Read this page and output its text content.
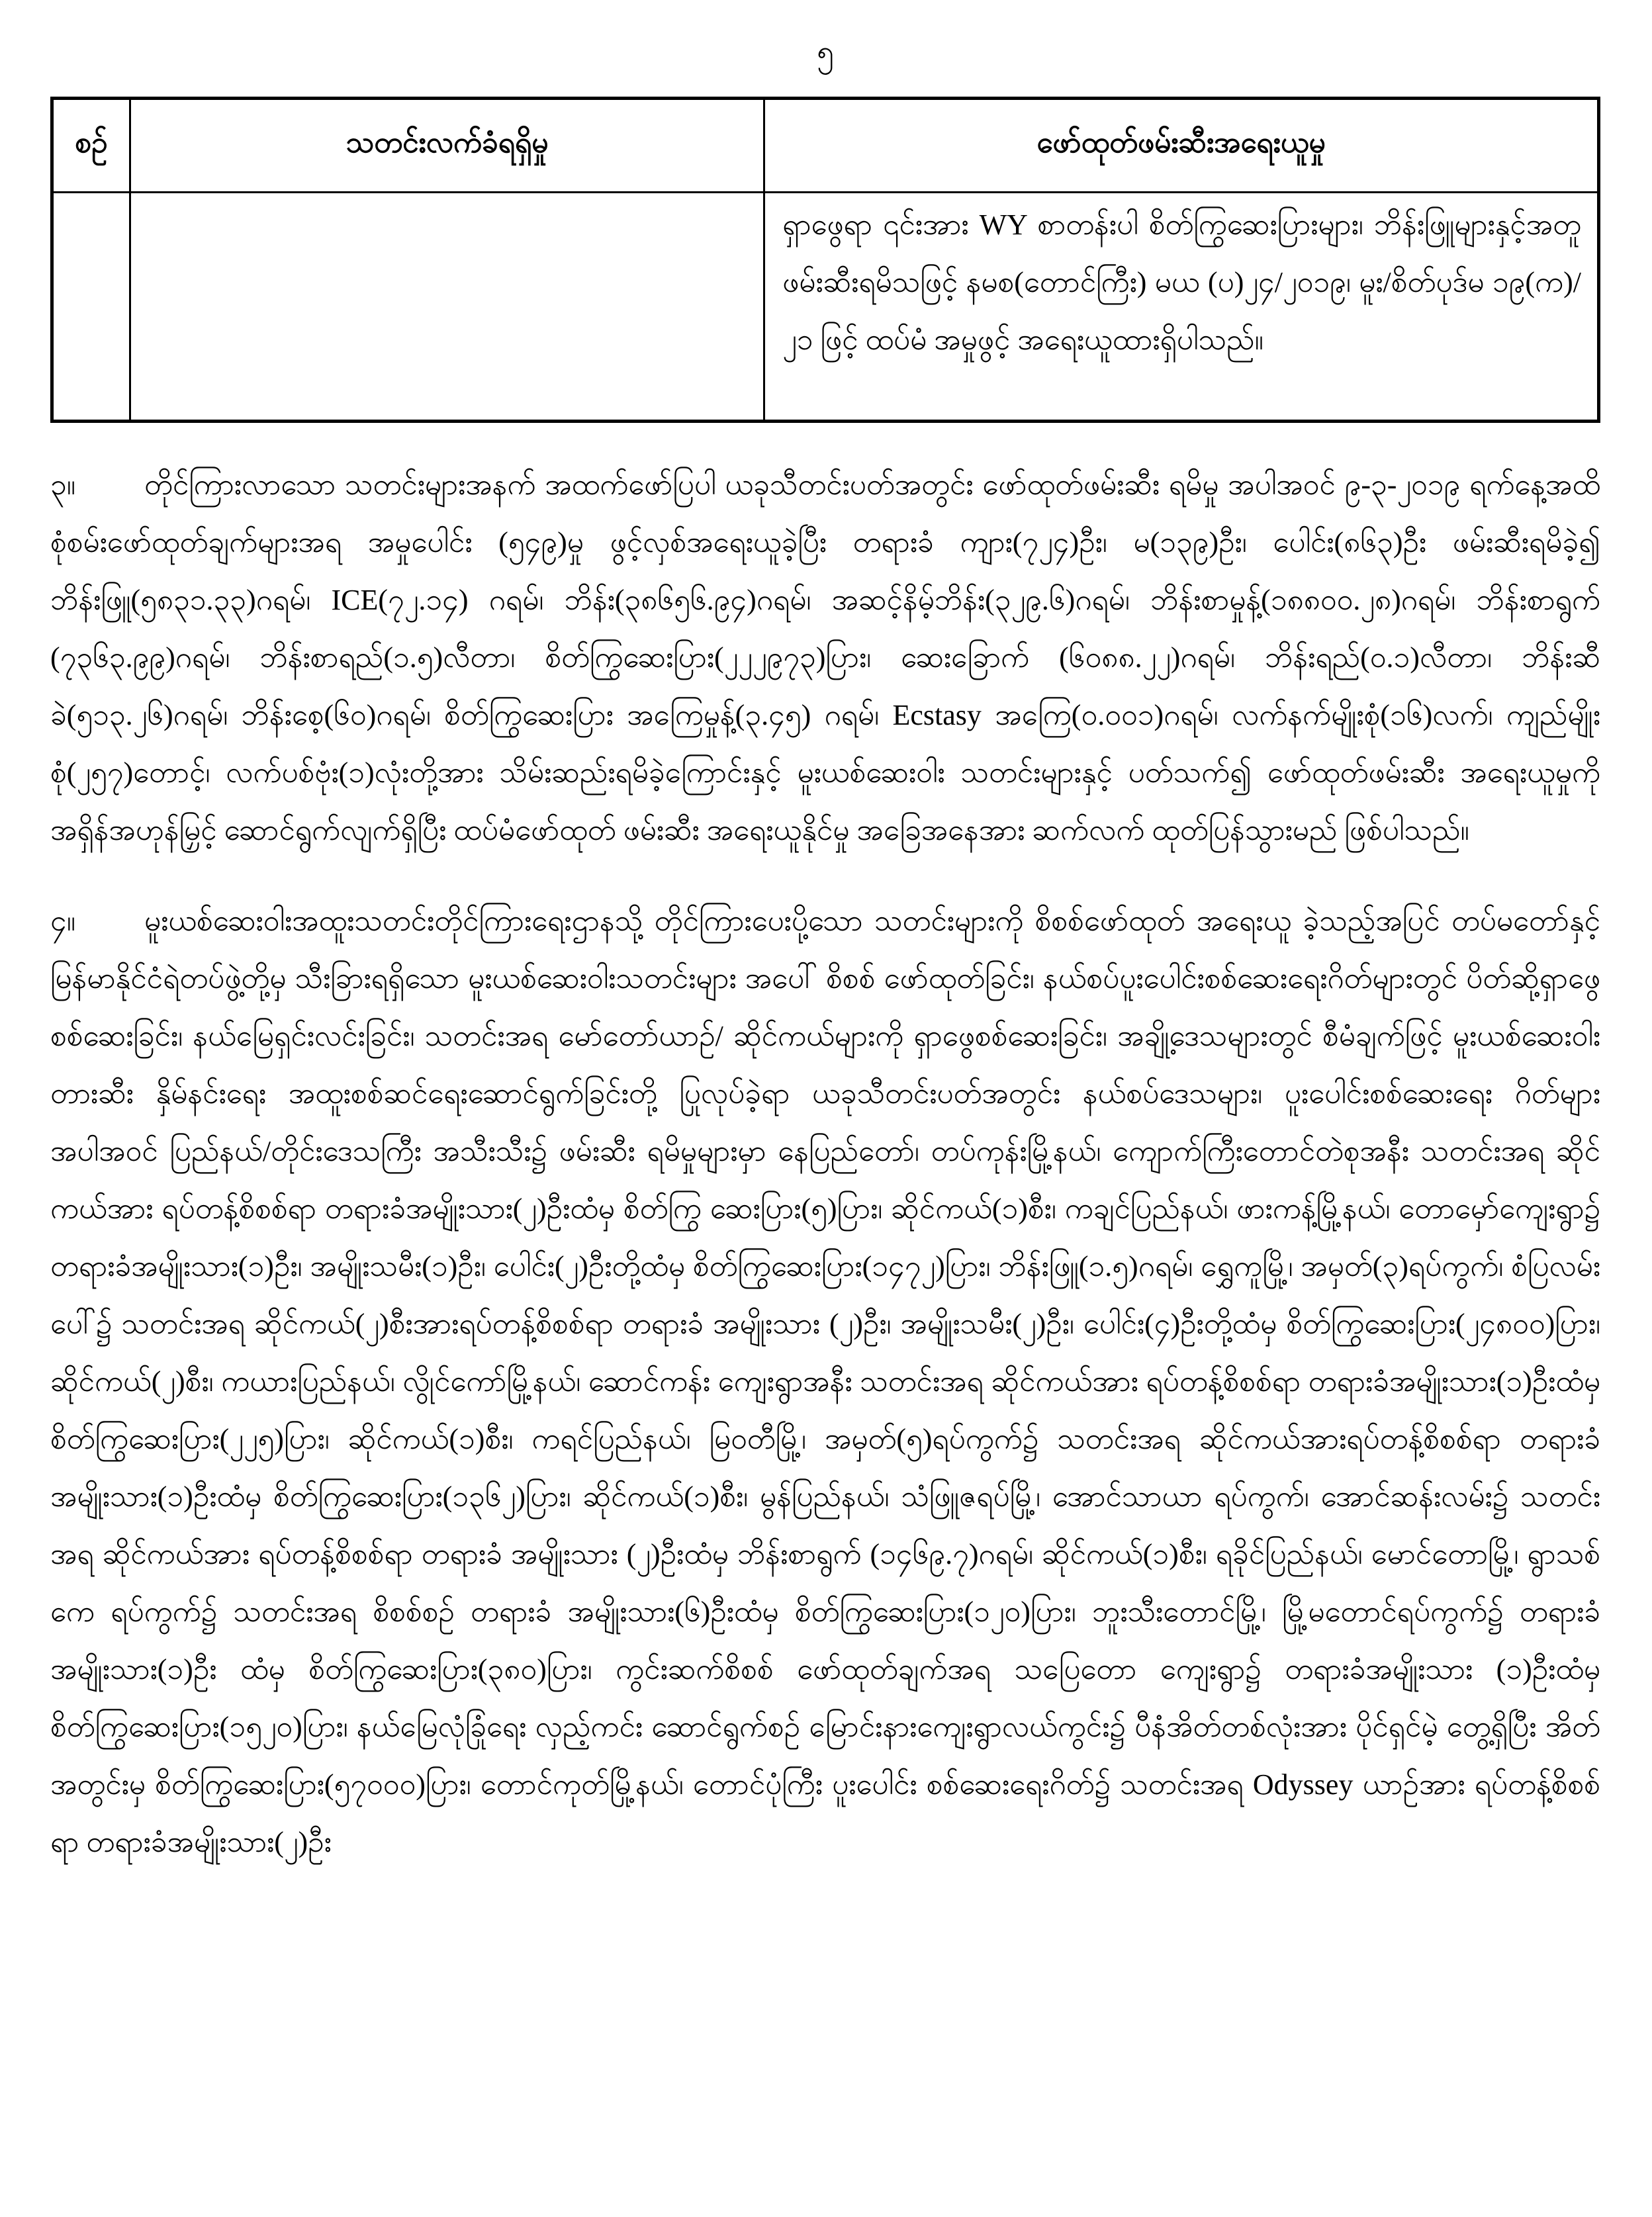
၅
စဉ်	သတင်းလက်ခံရရှိမှု	ဖော်ထုတ်ဖမ်းဆီးအရေးယူမှု
		ရှာဖွေရာ ၎င်းအား WY စာတန်းပါ စိတ်ကြွဆေးပြားများ၊ ဘိန်းဖြူများနှင့်အတူ ဖမ်းဆီးရမိသဖြင့် နမစ(တောင်ကြီး) မယ (ပ)၂၄/၂၀၁၉၊ မူး/စိတ်ပုဒ်မ ၁၉(က)/ ၂၁ ဖြင့် ထပ်မံ အမှုဖွင့် အရေးယူထားရှိပါသည်။

၃။ တိုင်ကြားလာသော သတင်းများအနက် အထက်ဖော်ပြပါ ယခုသီတင်းပတ်အတွင်း ဖော်ထုတ်ဖမ်းဆီး ရမိမှု အပါအဝင် ၉-၃-၂၀၁၉ ရက်နေ့အထိ စုံစမ်းဖော်ထုတ်ချက်များအရ အမှုပေါင်း (၅၄၉)မှု ဖွင့်လှစ်အရေးယူခဲ့ပြီး တရားခံ ကျား(၇၂၄)ဦး၊ မ(၁၃၉)ဦး၊ ပေါင်း(၈၆၃)ဦး ဖမ်းဆီးရမိခဲ့၍ ဘိန်းဖြူ(၅၈၃၁.၃၃)ဂရမ်၊ ICE(၇၂.၁၄) ဂရမ်၊ ဘိန်း(၃၈၆၅၆.၉၄)ဂရမ်၊ အဆင့်နိမ့်ဘိန်း(၃၂၉.၆)ဂရမ်၊ ဘိန်းစာမှုန့်(၁၈၈၀၀.၂၈)ဂရမ်၊ ဘိန်းစာရွက် (၇၃၆၃.၉၉)ဂရမ်၊ ဘိန်းစာရည်(၁.၅)လီတာ၊ စိတ်ကြွဆေးပြား(၂၂၂၉၇၃)ပြား၊ ဆေးခြောက် (၆၀၈၈.၂၂)ဂရမ်၊ ဘိန်းရည်(၀.၁)လီတာ၊ ဘိန်းဆီခဲ(၅၁၃.၂၆)ဂရမ်၊ ဘိန်းစေ့(၆၀)ဂရမ်၊ စိတ်ကြွဆေးပြား အကြေမှုန့်(၃.၄၅) ဂရမ်၊ Ecstasy အကြေ(၀.၀၀၁)ဂရမ်၊ လက်နက်မျိုးစုံ(၁၆)လက်၊ ကျည်မျိုးစုံ(၂၅၇)တောင့်၊ လက်ပစ်ဗုံး(၁)လုံးတို့အား သိမ်းဆည်းရမိခဲ့ကြောင်းနှင့် မူးယစ်ဆေးဝါး သတင်းများနှင့် ပတ်သက်၍ ဖော်ထုတ်ဖမ်းဆီး အရေးယူမှုကို အရှိန်အဟုန်မြှင့် ဆောင်ရွက်လျက်ရှိပြီး ထပ်မံဖော်ထုတ် ဖမ်းဆီး အရေးယူနိုင်မှု အခြေအနေအား ဆက်လက် ထုတ်ပြန်သွားမည် ဖြစ်ပါသည်။

၄။ မူးယစ်ဆေးဝါးအထူးသတင်းတိုင်ကြားရေးဌာနသို့ တိုင်ကြားပေးပို့သော သတင်းများကို စိစစ်ဖော်ထုတ် အရေးယူ ခဲ့သည့်အပြင် တပ်မတော်နှင့် မြန်မာနိုင်ငံရဲတပ်ဖွဲ့တို့မှ သီးခြားရရှိသော မူးယစ်ဆေးဝါးသတင်းများ အပေါ် စိစစ် ဖော်ထုတ်ခြင်း၊ နယ်စပ်ပူးပေါင်းစစ်ဆေးရေးဂိတ်များတွင် ပိတ်ဆို့ရှာဖွေစစ်ဆေးခြင်း၊ နယ်မြေရှင်းလင်းခြင်း၊ သတင်းအရ မော်တော်ယာဉ်/ ဆိုင်ကယ်များကို ရှာဖွေစစ်ဆေးခြင်း၊ အချို့ဒေသများတွင် စီမံချက်ဖြင့် မူးယစ်ဆေးဝါးတားဆီး နှိမ်နင်းရေး အထူးစစ်ဆင်ရေးဆောင်ရွက်ခြင်းတို့ ပြုလုပ်ခဲ့ရာ ယခုသီတင်းပတ်အတွင်း နယ်စပ်ဒေသများ၊ ပူးပေါင်းစစ်ဆေးရေး ဂိတ်များအပါအဝင် ပြည်နယ်/တိုင်းဒေသကြီး အသီးသီး၌ ဖမ်းဆီး ရမိမှုများမှာ နေပြည်တော်၊ တပ်ကုန်းမြို့နယ်၊ ကျောက်ကြီးတောင်တဲစုအနီး သတင်းအရ ဆိုင်ကယ်အား ရပ်တန့်စိစစ်ရာ တရားခံအမျိုးသား(၂)ဦးထံမှ စိတ်ကြွ ဆေးပြား(၅)ပြား၊ ဆိုင်ကယ်(၁)စီး၊ ကချင်ပြည်နယ်၊ ဖားကန့်မြို့နယ်၊ တောမှော်ကျေးရွာ၌ တရားခံအမျိုးသား(၁)ဦး၊ အမျိုးသမီး(၁)ဦး၊ ပေါင်း(၂)ဦးတို့ထံမှ စိတ်ကြွဆေးပြား(၁၄၇၂)ပြား၊ ဘိန်းဖြူ(၁.၅)ဂရမ်၊ ရွှေကူမြို့၊ အမှတ်(၃)ရပ်ကွက်၊ စံပြလမ်းပေါ်၌ သတင်းအရ ဆိုင်ကယ်(၂)စီးအားရပ်တန့်စိစစ်ရာ တရားခံ အမျိုးသား (၂)ဦး၊ အမျိုးသမီး(၂)ဦး၊ ပေါင်း(၄)ဦးတို့ထံမှ စိတ်ကြွဆေးပြား(၂၄၈၀၀)ပြား၊ ဆိုင်ကယ်(၂)စီး၊ ကယားပြည်နယ်၊ လွိုင်ကော်မြို့နယ်၊ ဆောင်ကန်း ကျေးရွာအနီး သတင်းအရ ဆိုင်ကယ်အား ရပ်တန့်စိစစ်ရာ တရားခံအမျိုးသား(၁)ဦးထံမှ စိတ်ကြွဆေးပြား(၂၂၅)ပြား၊ ဆိုင်ကယ်(၁)စီး၊ ကရင်ပြည်နယ်၊ မြဝတီမြို့၊ အမှတ်(၅)ရပ်ကွက်၌ သတင်းအရ ဆိုင်ကယ်အားရပ်တန့်စိစစ်ရာ တရားခံ အမျိုးသား(၁)ဦးထံမှ စိတ်ကြွဆေးပြား(၁၃၆၂)ပြား၊ ဆိုင်ကယ်(၁)စီး၊ မွန်ပြည်နယ်၊ သံဖြူဇရပ်မြို့၊ အောင်သာယာ ရပ်ကွက်၊ အောင်ဆန်းလမ်း၌ သတင်းအရ ဆိုင်ကယ်အား ရပ်တန့်စိစစ်ရာ တရားခံ အမျိုးသား (၂)ဦးထံမှ ဘိန်းစာရွက် (၁၄၆၉.၇)ဂရမ်၊ ဆိုင်ကယ်(၁)စီး၊ ရခိုင်ပြည်နယ်၊ မောင်တောမြို့၊ ရွာသစ်ကေ ရပ်ကွက်၌ သတင်းအရ စိစစ်စဉ် တရားခံ အမျိုးသား(၆)ဦးထံမှ စိတ်ကြွဆေးပြား(၁၂၀)ပြား၊ ဘူးသီးတောင်မြို့၊ မြို့မတောင်ရပ်ကွက်၌ တရားခံအမျိုးသား(၁)ဦး ထံမှ စိတ်ကြွဆေးပြား(၃၈၀)ပြား၊ ကွင်းဆက်စိစစ် ဖော်ထုတ်ချက်အရ သပြေတော ကျေးရွာ၌ တရားခံအမျိုးသား (၁)ဦးထံမှ စိတ်ကြွဆေးပြား(၁၅၂၀)ပြား၊ နယ်မြေလုံခြုံရေး လှည့်ကင်း ဆောင်ရွက်စဉ် မြောင်းနားကျေးရွာလယ်ကွင်း၌ ပီနံအိတ်တစ်လုံးအား ပိုင်ရှင်မဲ့ တွေ့ရှိပြီး အိတ်အတွင်းမှ စိတ်ကြွဆေးပြား(၅၇၀၀၀)ပြား၊ တောင်ကုတ်မြို့နယ်၊ တောင်ပုံကြီး ပူးပေါင်း စစ်ဆေးရေးဂိတ်၌ သတင်းအရ Odyssey ယာဉ်အား ရပ်တန့်စိစစ်ရာ တရားခံအမျိုးသား(၂)ဦး
